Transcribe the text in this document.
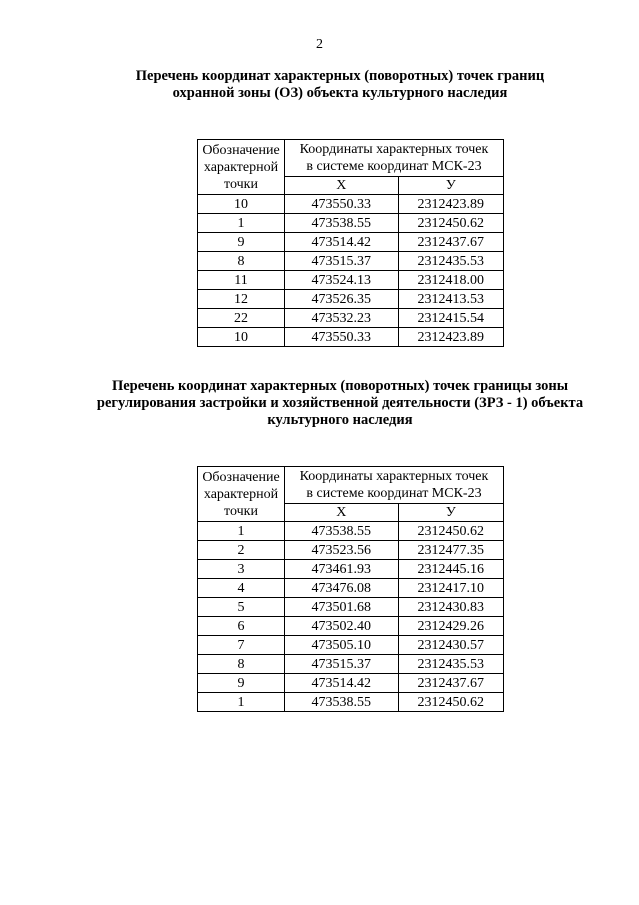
2
Перечень координат характерных (поворотных) точек границ
охранной зоны (ОЗ) объекта культурного наследия
Обозначение
характерной
точки	Координаты характерных точек
в системе координат МСК-23	

	Х	У
10	473550.33	2312423.89
1	473538.55	2312450.62
9	473514.42	2312437.67
8	473515.37	2312435.53
11	473524.13	2312418.00
12	473526.35	2312413.53
22	473532.23	2312415.54
10	473550.33	2312423.89
Перечень координат характерных (поворотных) точек границы зоны
регулирования застройки и хозяйственной деятельности (ЗРЗ - 1) объекта
культурного наследия
Обозначение
характерной
точки	Координаты характерных точек
в системе координат МСК-23	

	Х	У
1	473538.55	2312450.62
2	473523.56	2312477.35
3	473461.93	2312445.16
4	473476.08	2312417.10
5	473501.68	2312430.83
6	473502.40	2312429.26
7	473505.10	2312430.57
8	473515.37	2312435.53
9	473514.42	2312437.67
1	473538.55	2312450.62
